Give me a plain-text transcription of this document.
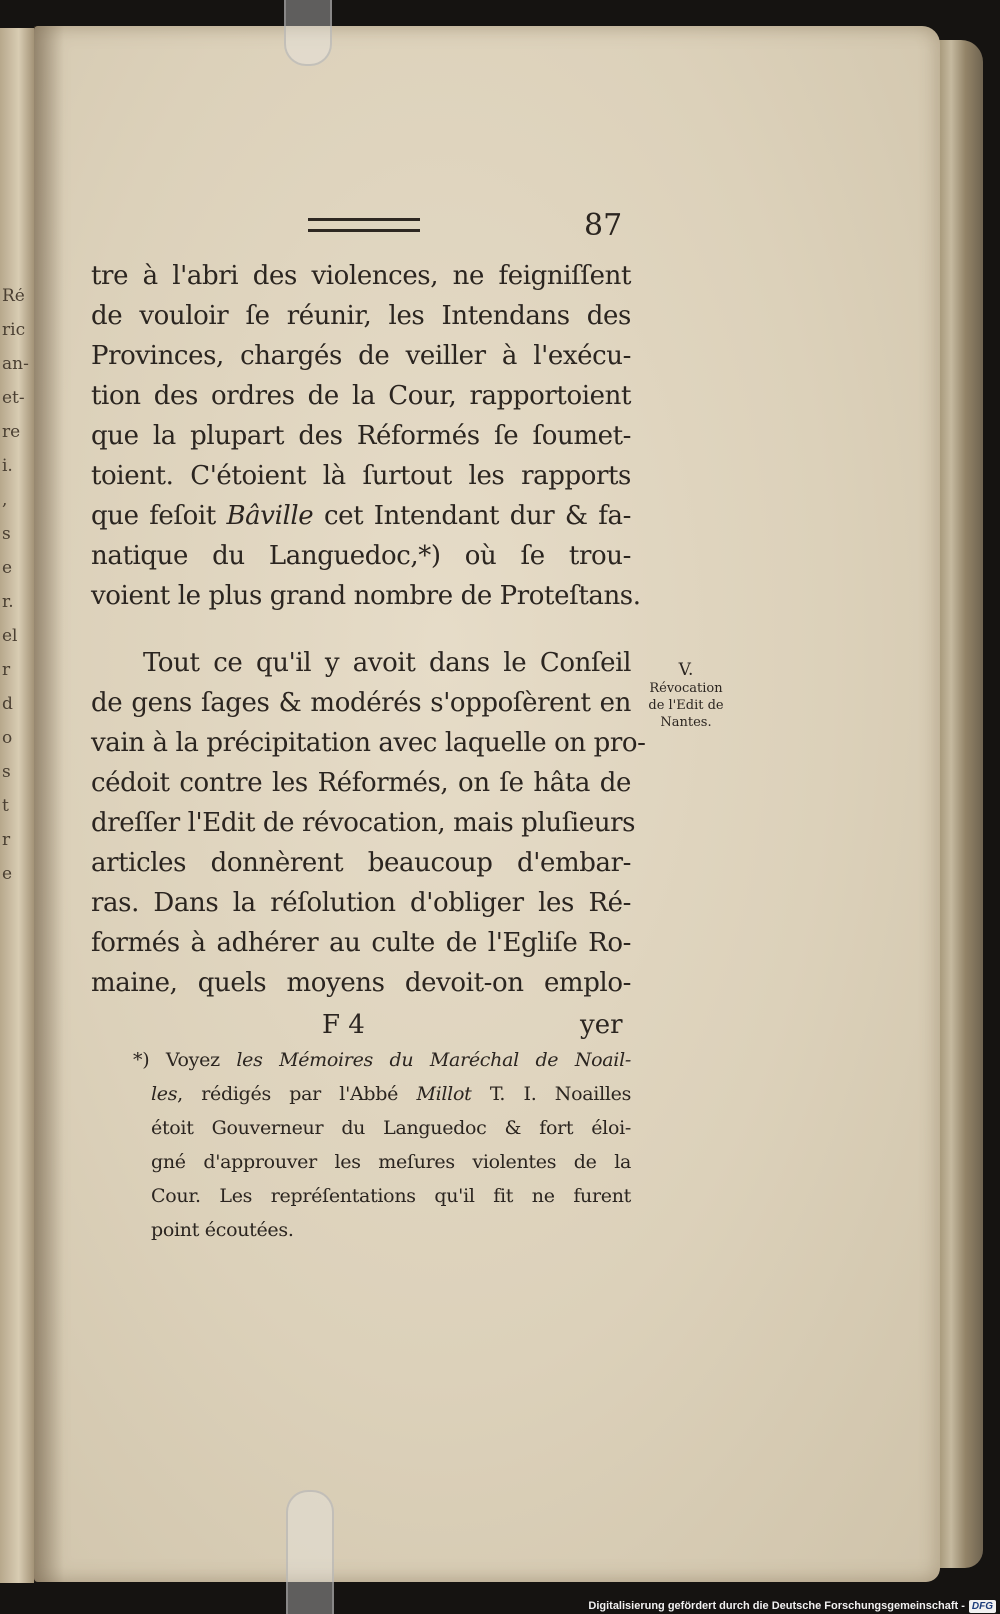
Ré
ric
an-
et-
re
i.
,
s
e
r.
el
r
d
o
s
t
r
e
87
tre à l'abri des violences, ne feigniſſent
de vouloir ſe réunir, les Intendans des
Provinces, chargés de veiller à l'exécu-
tion des ordres de la Cour, rapportoient
que la plupart des Réformés ſe ſoumet-
toient. C'étoient là ſurtout les rapports
que feſoit Bâville cet Intendant dur & fa-
natique du Languedoc,*) où ſe trou-
voient le plus grand nombre de Proteſtans.
Tout ce qu'il y avoit dans le Conſeil
de gens ſages & modérés s'oppoſèrent en
vain à la précipitation avec laquelle on pro-
cédoit contre les Réformés, on ſe hâta de
dreſſer l'Edit de révocation, mais pluſieurs
articles donnèrent beaucoup d'embar-
ras. Dans la réſolution d'obliger les Ré-
formés à adhérer au culte de l'Egliſe Ro-
maine, quels moyens devoit-on emplo-
F 4	yer
V.
Révocation
de l'Edit de
Nantes.
*) Voyez les Mémoires du Maréchal de Noail-
les, rédigés par l'Abbé Millot T. I. Noailles
étoit Gouverneur du Languedoc & fort éloi-
gné d'approuver les meſures violentes de la
Cour. Les repréſentations qu'il fit ne furent
point écoutées.
Digitalisierung gefördert durch die Deutsche Forschungsgemeinschaft - DFG
